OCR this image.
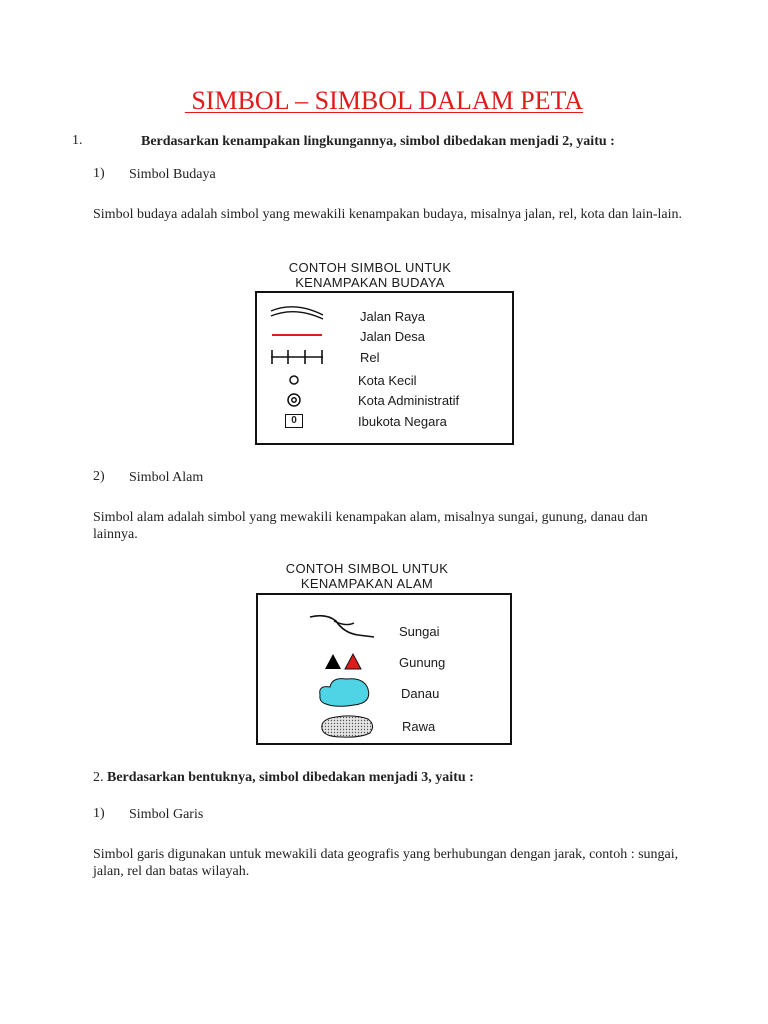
SIMBOL – SIMBOL DALAM PETA
1.	Berdasarkan kenampakan lingkungannya, simbol dibedakan menjadi 2, yaitu :
1) Simbol Budaya
Simbol budaya adalah simbol yang mewakili kenampakan budaya, misalnya jalan, rel, kota dan lain-lain.
CONTOH SIMBOL UNTUK
KENAMPAKAN BUDAYA
Jalan Raya
Jalan Desa
Rel
Kota Kecil
Kota Administratif
0	Ibukota Negara
2) Simbol Alam
Simbol alam adalah simbol yang mewakili kenampakan alam, misalnya sungai, gunung, danau dan lainnya.
CONTOH SIMBOL UNTUK
KENAMPAKAN ALAM
Sungai
Gunung
Danau
Rawa
2. Berdasarkan bentuknya, simbol dibedakan menjadi 3, yaitu :
1) Simbol Garis
Simbol garis digunakan untuk mewakili data geografis yang berhubungan dengan jarak, contoh : sungai, jalan, rel dan batas wilayah.
